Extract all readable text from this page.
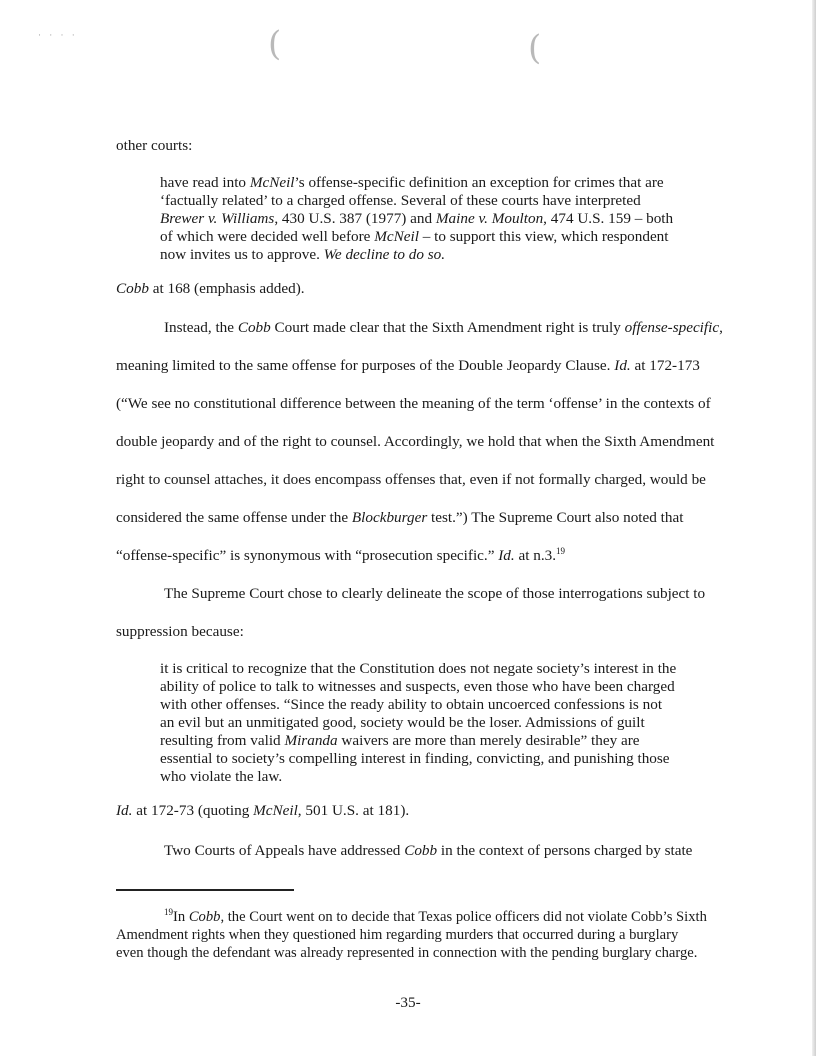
· · · ·	(	(
other courts:
have read into McNeil’s offense-specific definition an exception for crimes that are
‘factually related’ to a charged offense. Several of these courts have interpreted
Brewer v. Williams, 430 U.S. 387 (1977) and Maine v. Moulton, 474 U.S. 159 – both
of which were decided well before McNeil – to support this view, which respondent
now invites us to approve. We decline to do so.
Cobb at 168 (emphasis added).
Instead, the Cobb Court made clear that the Sixth Amendment right is truly offense-specific,
meaning limited to the same offense for purposes of the Double Jeopardy Clause. Id. at 172-173
(“We see no constitutional difference between the meaning of the term ‘offense’ in the contexts of
double jeopardy and of the right to counsel. Accordingly, we hold that when the Sixth Amendment
right to counsel attaches, it does encompass offenses that, even if not formally charged, would be
considered the same offense under the Blockburger test.”) The Supreme Court also noted that
“offense-specific” is synonymous with “prosecution specific.” Id. at n.3.19
The Supreme Court chose to clearly delineate the scope of those interrogations subject to
suppression because:
it is critical to recognize that the Constitution does not negate society’s interest in the
ability of police to talk to witnesses and suspects, even those who have been charged
with other offenses. “Since the ready ability to obtain uncoerced confessions is not
an evil but an unmitigated good, society would be the loser. Admissions of guilt
resulting from valid Miranda waivers are more than merely desirable” they are
essential to society’s compelling interest in finding, convicting, and punishing those
who violate the law.
Id. at 172-73 (quoting McNeil, 501 U.S. at 181).
Two Courts of Appeals have addressed Cobb in the context of persons charged by state
$^{19}$In Cobb, the Court went on to decide that Texas police officers did not violate Cobb’s Sixth
Amendment rights when they questioned him regarding murders that occurred during a burglary
even though the defendant was already represented in connection with the pending burglary charge.
-35-
